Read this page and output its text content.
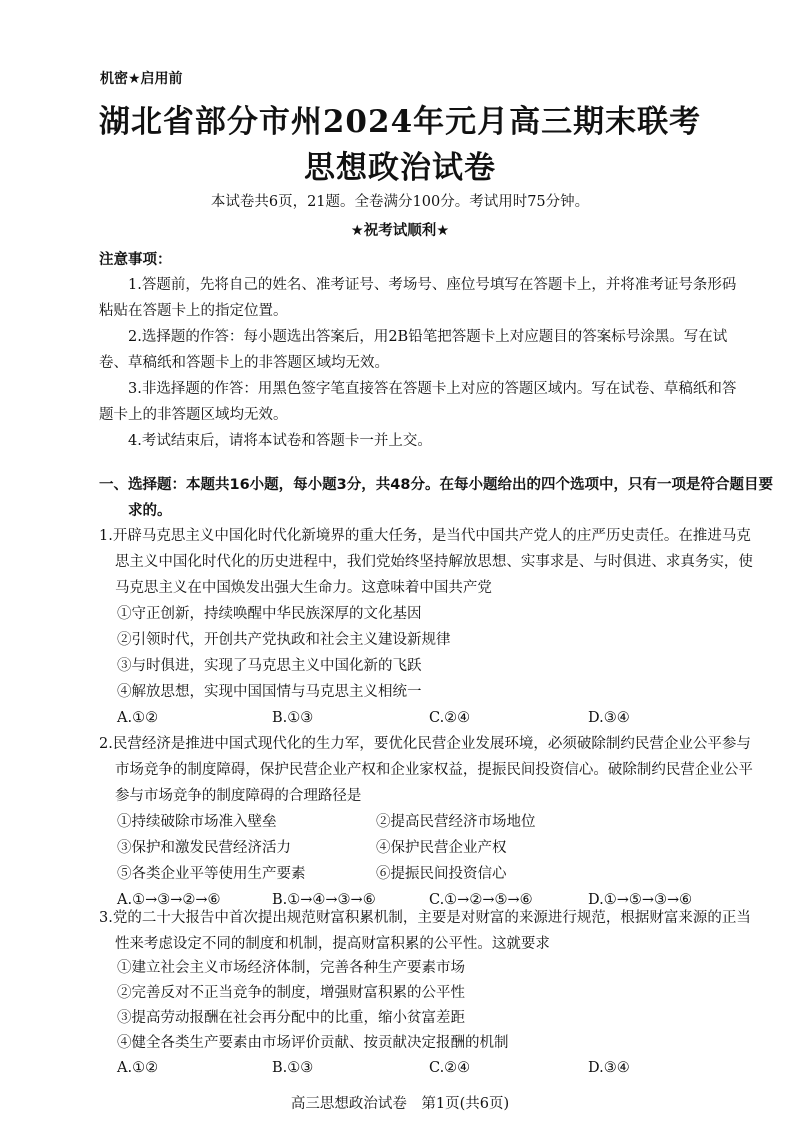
机密★启用前
湖北省部分市州2024年元月高三期末联考
思想政治试卷
本试卷共6页，21题。全卷满分100分。考试用时75分钟。
★祝考试顺利★
注意事项：
1.答题前，先将自己的姓名、准考证号、考场号、座位号填写在答题卡上，并将准考证号条形码粘贴在答题卡上的指定位置。
2.选择题的作答：每小题选出答案后，用2B铅笔把答题卡上对应题目的答案标号涂黑。写在试卷、草稿纸和答题卡上的非答题区域均无效。
3.非选择题的作答：用黑色签字笔直接答在答题卡上对应的答题区域内。写在试卷、草稿纸和答题卡上的非答题区域均无效。
4.考试结束后，请将本试卷和答题卡一并上交。
一、选择题：本题共16小题，每小题3分，共48分。在每小题给出的四个选项中，只有一项是符合题目要求的。
1.开辟马克思主义中国化时代化新境界的重大任务，是当代中国共产党人的庄严历史责任。在推进马克思主义中国化时代化的历史进程中，我们党始终坚持解放思想、实事求是、与时俱进、求真务实，使马克思主义在中国焕发出强大生命力。这意味着中国共产党
①守正创新，持续唤醒中华民族深厚的文化基因
②引领时代，开创共产党执政和社会主义建设新规律
③与时俱进，实现了马克思主义中国化新的飞跃
④解放思想，实现中国国情与马克思主义相统一
A.①②	B.①③	C.②④	D.③④
2.民营经济是推进中国式现代化的生力军，要优化民营企业发展环境，必须破除制约民营企业公平参与市场竞争的制度障碍，保护民营企业产权和企业家权益，提振民间投资信心。破除制约民营企业公平参与市场竞争的制度障碍的合理路径是
①持续破除市场准入壁垒	②提高民营经济市场地位
③保护和激发民营经济活力	④保护民营企业产权
⑤各类企业平等使用生产要素	⑥提振民间投资信心
A.①→③→②→⑥	B.①→④→③→⑥	C.①→②→⑤→⑥	D.①→⑤→③→⑥
3.党的二十大报告中首次提出规范财富积累机制，主要是对财富的来源进行规范，根据财富来源的正当性来考虑设定不同的制度和机制，提高财富积累的公平性。这就要求
①建立社会主义市场经济体制，完善各种生产要素市场
②完善反对不正当竞争的制度，增强财富积累的公平性
③提高劳动报酬在社会再分配中的比重，缩小贫富差距
④健全各类生产要素由市场评价贡献、按贡献决定报酬的机制
A.①②	B.①③	C.②④	D.③④
高三思想政治试卷　第1页(共6页)
